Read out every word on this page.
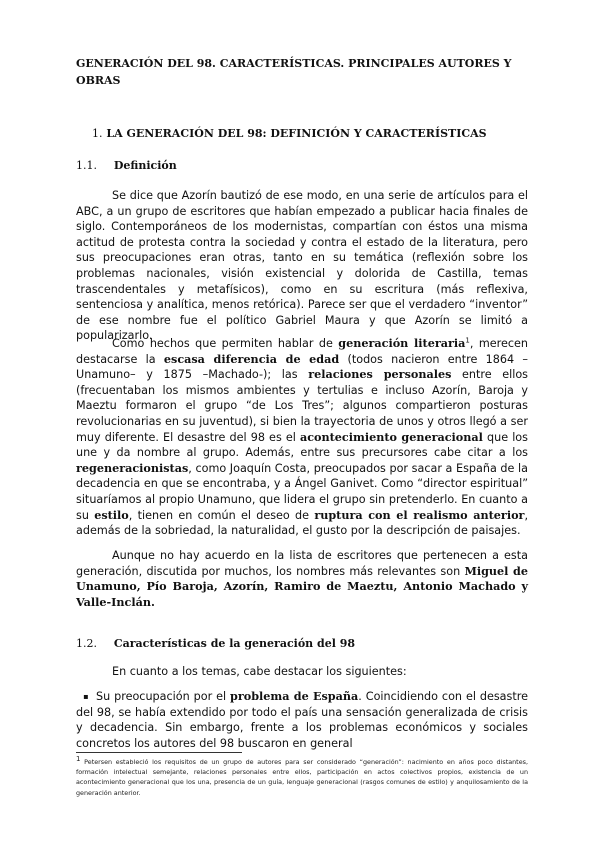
GENERACIÓN DEL 98. CARACTERÍSTICAS. PRINCIPALES AUTORES Y OBRAS
1. LA GENERACIÓN DEL 98: DEFINICIÓN Y CARACTERÍSTICAS
1.1. Definición

Se dice que Azorín bautizó de ese modo, en una serie de artículos para el ABC, a un grupo de escritores que habían empezado a publicar hacia finales de siglo. Contemporáneos de los modernistas, compartían con éstos una misma actitud de protesta contra la sociedad y contra el estado de la literatura, pero sus preocupaciones eran otras, tanto en su temática (reflexión sobre los problemas nacionales, visión existencial y dolorida de Castilla, temas trascendentales y metafísicos), como en su escritura (más reflexiva, sentenciosa y analítica, menos retórica). Parece ser que el verdadero “inventor” de ese nombre fue el político Gabriel Maura y que Azorín se limitó a popularizarlo.

Como hechos que permiten hablar de generación literaria$^1$, merecen destacarse la escasa diferencia de edad (todos nacieron entre 1864 –Unamuno– y 1875 –Machado-); las relaciones personales entre ellos (frecuentaban los mismos ambientes y tertulias e incluso Azorín, Baroja y Maeztu formaron el grupo “de Los Tres”; algunos compartieron posturas revolucionarias en su juventud), si bien la trayectoria de unos y otros llegó a ser muy diferente. El desastre del 98 es el acontecimiento generacional que los une y da nombre al grupo. Además, entre sus precursores cabe citar a los regeneracionistas, como Joaquín Costa, preocupados por sacar a España de la decadencia en que se encontraba, y a Ángel Ganivet. Como “director espiritual” situaríamos al propio Unamuno, que lidera el grupo sin pretenderlo. En cuanto a su estilo, tienen en común el deseo de ruptura con el realismo anterior, además de la sobriedad, la naturalidad, el gusto por la descripción de paisajes.

Aunque no hay acuerdo en la lista de escritores que pertenecen a esta generación, discutida por muchos, los nombres más relevantes son Miguel de Unamuno, Pío Baroja, Azorín, Ramiro de Maeztu, Antonio Machado y Valle-Inclán.

1.2. Características de la generación del 98

En cuanto a los temas, cabe destacar los siguientes:

▪ Su preocupación por el problema de España. Coincidiendo con el desastre del 98, se había extendido por todo el país una sensación generalizada de crisis y decadencia. Sin embargo, frente a los problemas económicos y sociales concretos los autores del 98 buscaron en general

$^1$ Petersen estableció los requisitos de un grupo de autores para ser considerado “generación”: nacimiento en años poco distantes, formación intelectual semejante, relaciones personales entre ellos, participación en actos colectivos propios, existencia de un acontecimiento generacional que los una, presencia de un guía, lenguaje generacional (rasgos comunes de estilo) y anquilosamiento de la generación anterior.
